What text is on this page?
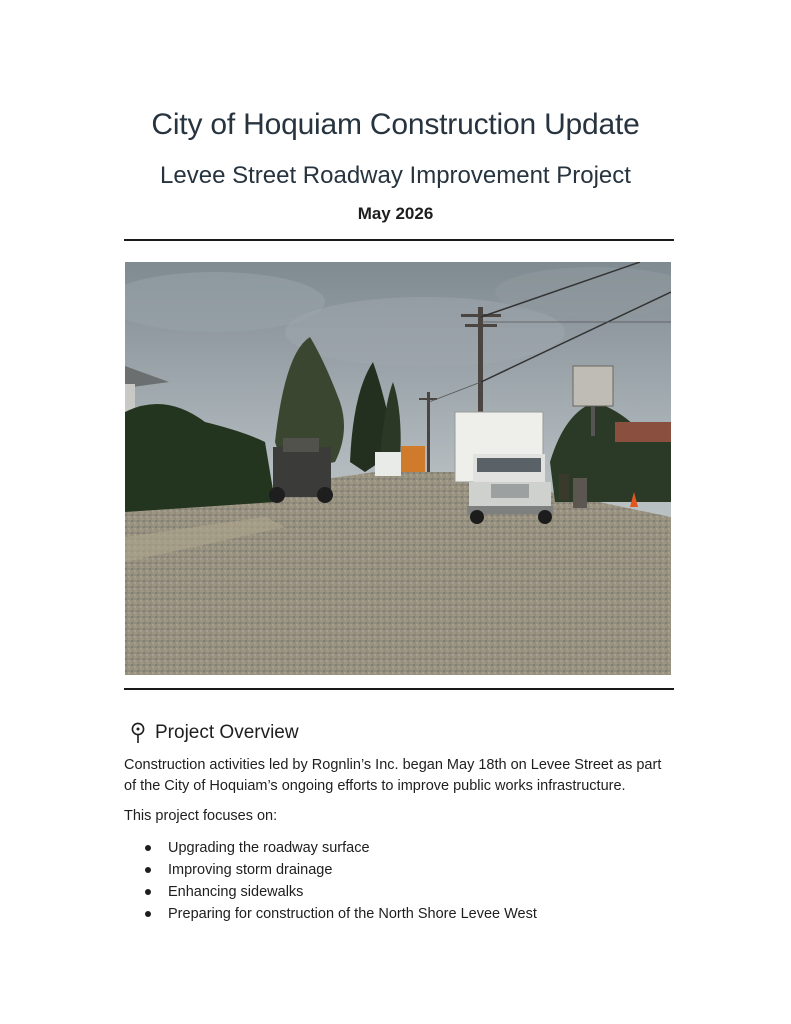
City of Hoquiam Construction Update
Levee Street Roadway Improvement Project
May 2026
Project Overview
Construction activities led by Rognlin’s Inc. began May 18th on Levee Street as part of the City of Hoquiam’s ongoing efforts to improve public works infrastructure.
This project focuses on:
Upgrading the roadway surface
Improving storm drainage
Enhancing sidewalks
Preparing for construction of the North Shore Levee West
